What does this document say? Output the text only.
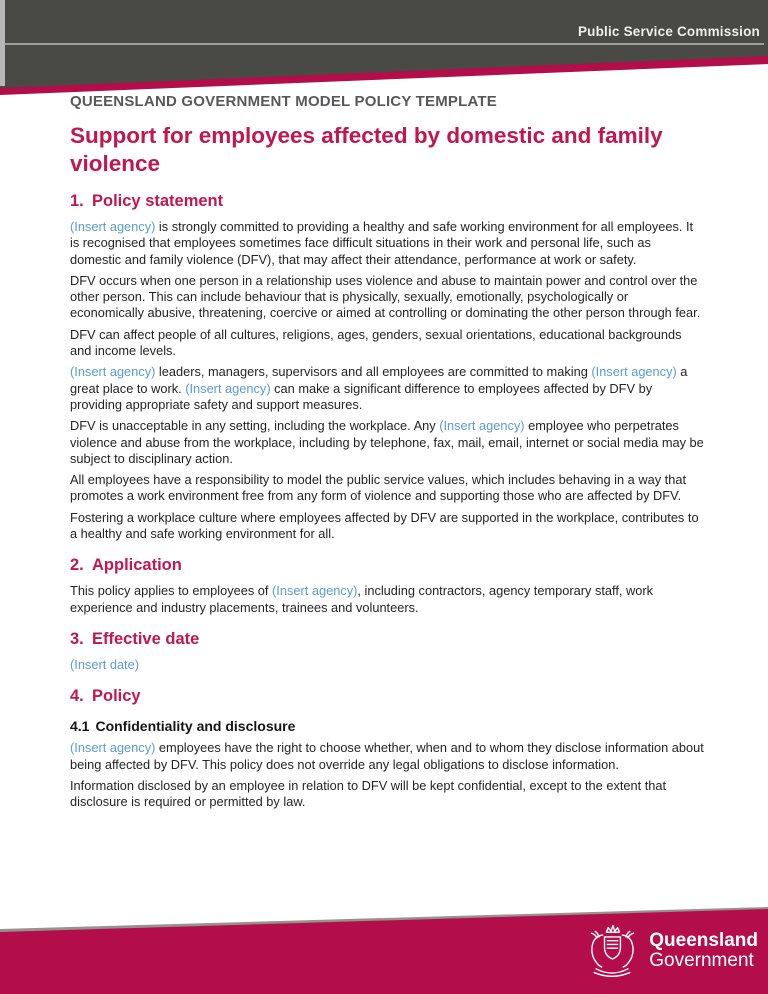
Public Service Commission
QUEENSLAND GOVERNMENT MODEL POLICY TEMPLATE
Support for employees affected by domestic and family violence
1. Policy statement

(Insert agency) is strongly committed to providing a healthy and safe working environment for all employees. It is recognised that employees sometimes face difficult situations in their work and personal life, such as domestic and family violence (DFV), that may affect their attendance, performance at work or safety.

DFV occurs when one person in a relationship uses violence and abuse to maintain power and control over the other person. This can include behaviour that is physically, sexually, emotionally, psychologically or economically abusive, threatening, coercive or aimed at controlling or dominating the other person through fear.

DFV can affect people of all cultures, religions, ages, genders, sexual orientations, educational backgrounds and income levels.

(Insert agency) leaders, managers, supervisors and all employees are committed to making (Insert agency) a great place to work. (Insert agency) can make a significant difference to employees affected by DFV by providing appropriate safety and support measures.

DFV is unacceptable in any setting, including the workplace. Any (Insert agency) employee who perpetrates violence and abuse from the workplace, including by telephone, fax, mail, email, internet or social media may be subject to disciplinary action.

All employees have a responsibility to model the public service values, which includes behaving in a way that promotes a work environment free from any form of violence and supporting those who are affected by DFV.

Fostering a workplace culture where employees affected by DFV are supported in the workplace, contributes to a healthy and safe working environment for all.

2. Application

This policy applies to employees of (Insert agency), including contractors, agency temporary staff, work experience and industry placements, trainees and volunteers.

3. Effective date

(Insert date)

4. Policy
4.1 Confidentiality and disclosure

(Insert agency) employees have the right to choose whether, when and to whom they disclose information about being affected by DFV. This policy does not override any legal obligations to disclose information.

Information disclosed by an employee in relation to DFV will be kept confidential, except to the extent that disclosure is required or permitted by law.

Queensland
Government
